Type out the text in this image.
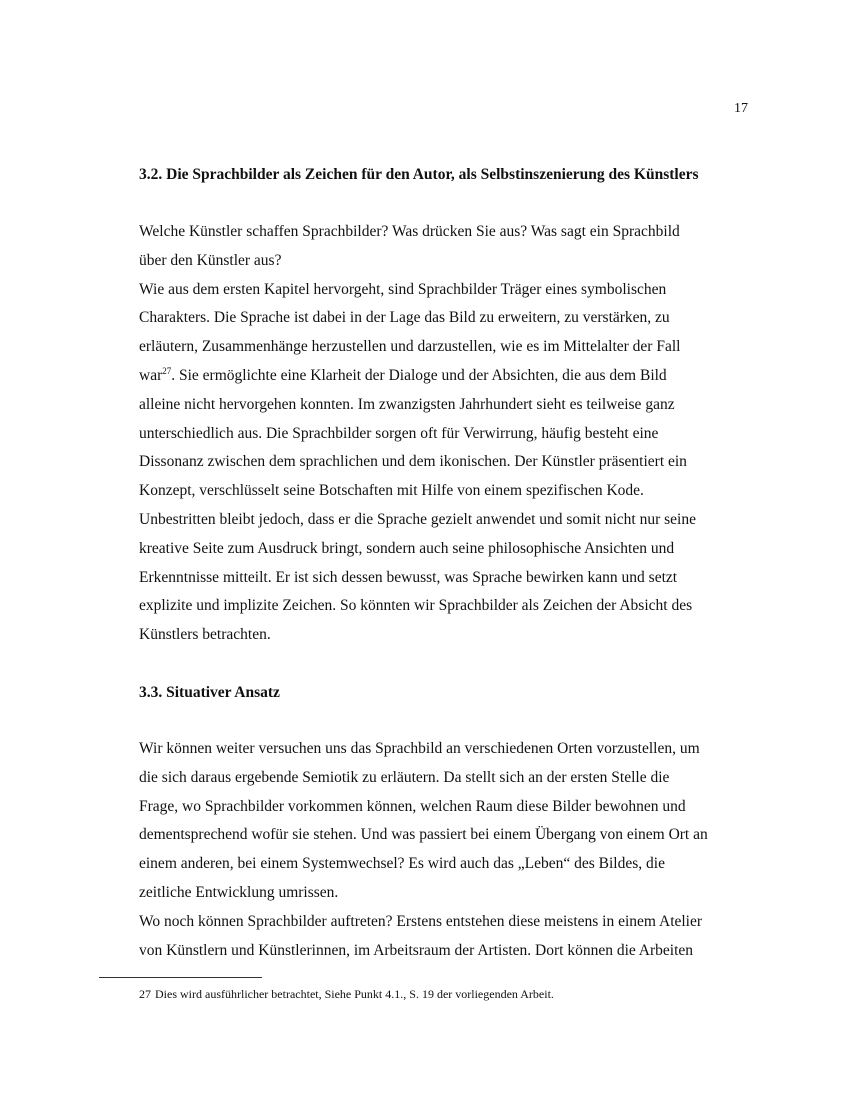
17
3.2. Die Sprachbilder als Zeichen für den Autor, als Selbstinszenierung des Künstlers
Welche Künstler schaffen Sprachbilder? Was drücken Sie aus? Was sagt ein Sprachbild
über den Künstler aus?
Wie aus dem ersten Kapitel hervorgeht, sind Sprachbilder Träger eines symbolischen
Charakters. Die Sprache ist dabei in der Lage das Bild zu erweitern, zu verstärken, zu
erläutern, Zusammenhänge herzustellen und darzustellen, wie es im Mittelalter der Fall
war$^{27}$. Sie ermöglichte eine Klarheit der Dialoge und der Absichten, die aus dem Bild
alleine nicht hervorgehen konnten. Im zwanzigsten Jahrhundert sieht es teilweise ganz
unterschiedlich aus. Die Sprachbilder sorgen oft für Verwirrung, häufig besteht eine
Dissonanz zwischen dem sprachlichen und dem ikonischen. Der Künstler präsentiert ein
Konzept, verschlüsselt seine Botschaften mit Hilfe von einem spezifischen Kode.
Unbestritten bleibt jedoch, dass er die Sprache gezielt anwendet und somit nicht nur seine
kreative Seite zum Ausdruck bringt, sondern auch seine philosophische Ansichten und
Erkenntnisse mitteilt. Er ist sich dessen bewusst, was Sprache bewirken kann und setzt
explizite und implizite Zeichen. So könnten wir Sprachbilder als Zeichen der Absicht des
Künstlers betrachten.
3.3. Situativer Ansatz
Wir können weiter versuchen uns das Sprachbild an verschiedenen Orten vorzustellen, um
die sich daraus ergebende Semiotik zu erläutern. Da stellt sich an der ersten Stelle die
Frage, wo Sprachbilder vorkommen können, welchen Raum diese Bilder bewohnen und
dementsprechend wofür sie stehen. Und was passiert bei einem Übergang von einem Ort an
einem anderen, bei einem Systemwechsel? Es wird auch das „Leben“ des Bildes, die
zeitliche Entwicklung umrissen.
Wo noch können Sprachbilder auftreten? Erstens entstehen diese meistens in einem Atelier
von Künstlern und Künstlerinnen, im Arbeitsraum der Artisten. Dort können die Arbeiten
27 Dies wird ausführlicher betrachtet, Siehe Punkt 4.1., S. 19 der vorliegenden Arbeit.
